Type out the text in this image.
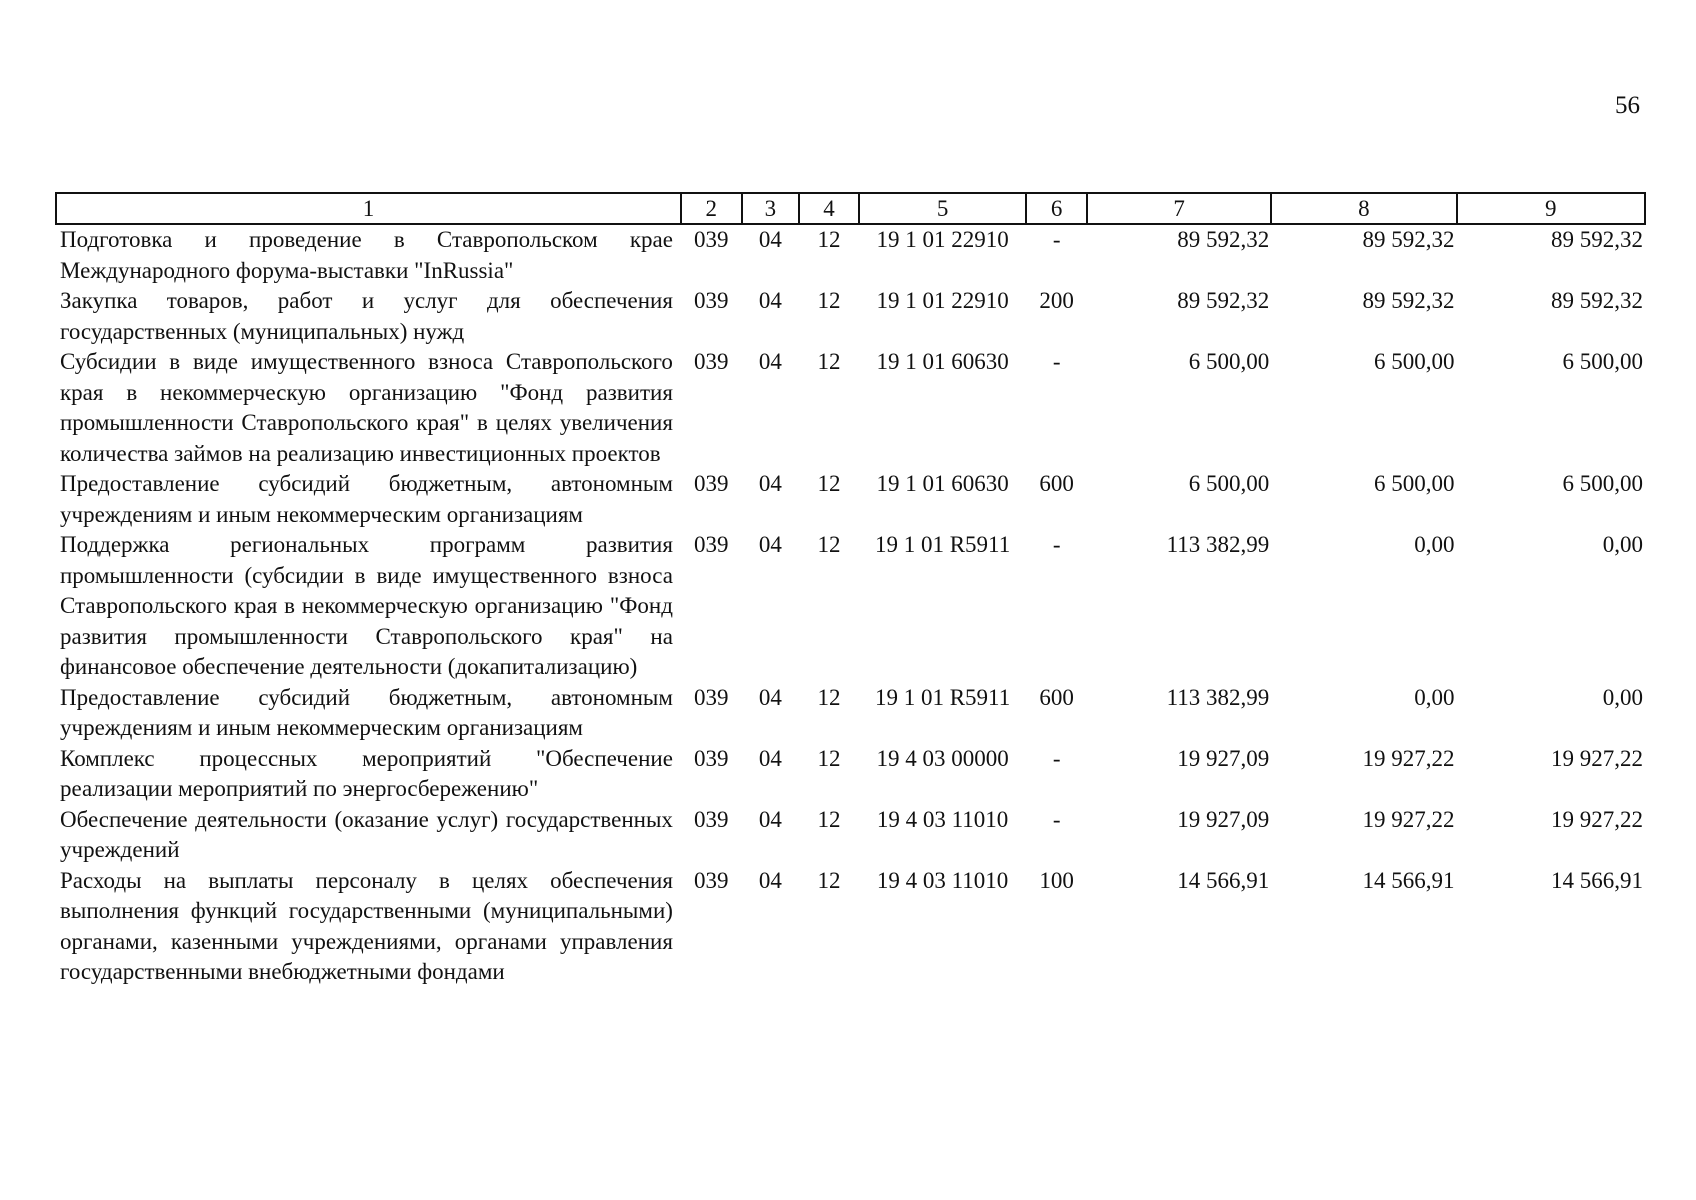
56
1	2	3	4	5	6	7	8	9
Подготовка и проведение в Ставропольском крае Международного форума-выставки "InRussia"	039	04	12	19 1 01 22910	-	89 592,32	89 592,32	89 592,32
Закупка товаров, работ и услуг для обеспечения государственных (муниципальных) нужд	039	04	12	19 1 01 22910	200	89 592,32	89 592,32	89 592,32
Субсидии в виде имущественного взноса Ставропольского края в некоммерческую организацию "Фонд развития промышленности Ставропольского края" в целях увеличения количества займов на реализацию инвестиционных проектов	039	04	12	19 1 01 60630	-	6 500,00	6 500,00	6 500,00
Предоставление субсидий бюджетным, автономным учреждениям и иным некоммерческим организациям	039	04	12	19 1 01 60630	600	6 500,00	6 500,00	6 500,00
Поддержка региональных программ развития промышленности (субсидии в виде имущественного взноса Ставропольского края в некоммерческую организацию "Фонд развития промышленности Ставропольского края" на финансовое обеспечение деятельности (докапитализацию)	039	04	12	19 1 01 R5911	-	113 382,99	0,00	0,00
Предоставление субсидий бюджетным, автономным учреждениям и иным некоммерческим организациям	039	04	12	19 1 01 R5911	600	113 382,99	0,00	0,00
Комплекс процессных мероприятий "Обеспечение реализации мероприятий по энергосбережению"	039	04	12	19 4 03 00000	-	19 927,09	19 927,22	19 927,22
Обеспечение деятельности (оказание услуг) государственных учреждений	039	04	12	19 4 03 11010	-	19 927,09	19 927,22	19 927,22
Расходы на выплаты персоналу в целях обеспечения выполнения функций государственными (муниципальными) органами, казенными учреждениями, органами управления государственными внебюджетными фондами	039	04	12	19 4 03 11010	100	14 566,91	14 566,91	14 566,91
